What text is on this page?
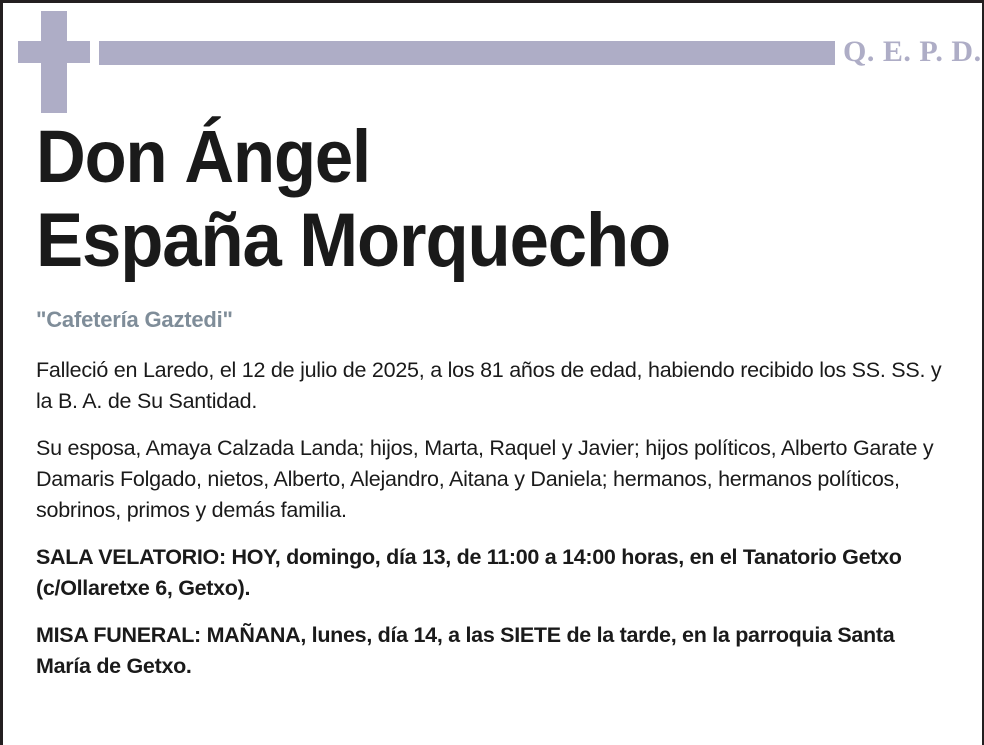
Q. E. P. D.
Don Ángel
España Morquecho
"Cafetería Gaztedi"

Falleció en Laredo, el 12 de julio de 2025, a los 81 años de edad, habiendo recibido los SS. SS. y la B. A. de Su Santidad.

Su esposa, Amaya Calzada Landa; hijos, Marta, Raquel y Javier; hijos políticos, Alberto Garate y Damaris Folgado, nietos, Alberto, Alejandro, Aitana y Daniela; hermanos, hermanos políticos, sobrinos, primos y demás familia.

SALA VELATORIO: HOY, domingo, día 13, de 11:00 a 14:00 horas, en el Tanatorio Getxo (c/Ollaretxe 6, Getxo).

MISA FUNERAL: MAÑANA, lunes, día 14, a las SIETE de la tarde, en la parroquia Santa María de Getxo.
